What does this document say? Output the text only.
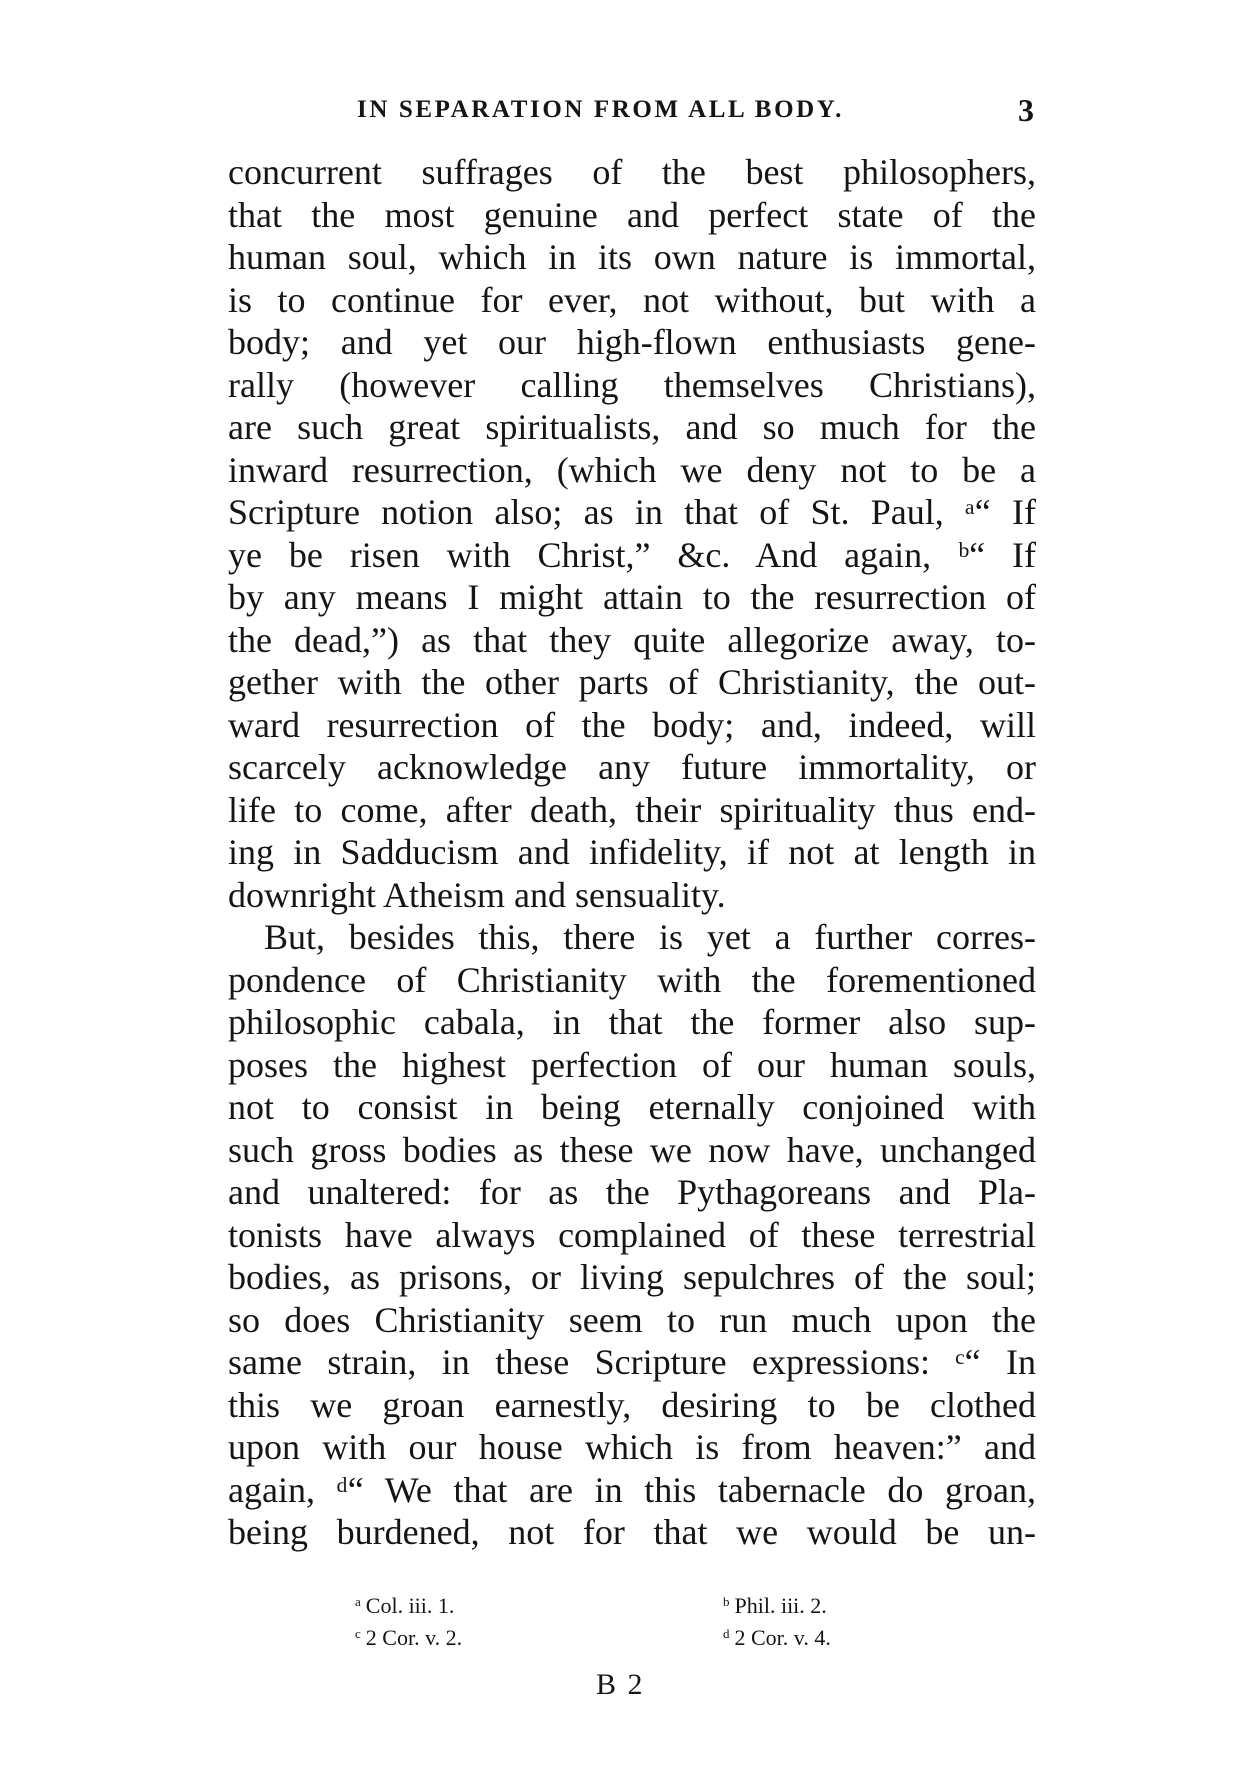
IN SEPARATION FROM ALL BODY.	3
concurrent suffrages of the best philosophers,
that the most genuine and perfect state of the
human soul, which in its own nature is immortal,
is to continue for ever, not without, but with a
body; and yet our high-flown enthusiasts gene-
rally (however calling themselves Christians),
are such great spiritualists, and so much for the
inward resurrection, (which we deny not to be a
Scripture notion also; as in that of St. Paul, ᵃ“ If
ye be risen with Christ,” &c. And again, ᵇ“ If
by any means I might attain to the resurrection of
the dead,”) as that they quite allegorize away, to-
gether with the other parts of Christianity, the out-
ward resurrection of the body; and, indeed, will
scarcely acknowledge any future immortality, or
life to come, after death, their spirituality thus end-
ing in Sadducism and infidelity, if not at length in
downright Atheism and sensuality.
But, besides this, there is yet a further corres-
pondence of Christianity with the forementioned
philosophic cabala, in that the former also sup-
poses the highest perfection of our human souls,
not to consist in being eternally conjoined with
such gross bodies as these we now have, unchanged
and unaltered: for as the Pythagoreans and Pla-
tonists have always complained of these terrestrial
bodies, as prisons, or living sepulchres of the soul;
so does Christianity seem to run much upon the
same strain, in these Scripture expressions: ᶜ“ In
this we groan earnestly, desiring to be clothed
upon with our house which is from heaven:” and
again, ᵈ“ We that are in this tabernacle do groan,
being burdened, not for that we would be un-
$^a$ Col. iii. 1.	$^b$ Phil. iii. 2.
$^c$ 2 Cor. v. 2.	$^d$ 2 Cor. v. 4.
B 2
